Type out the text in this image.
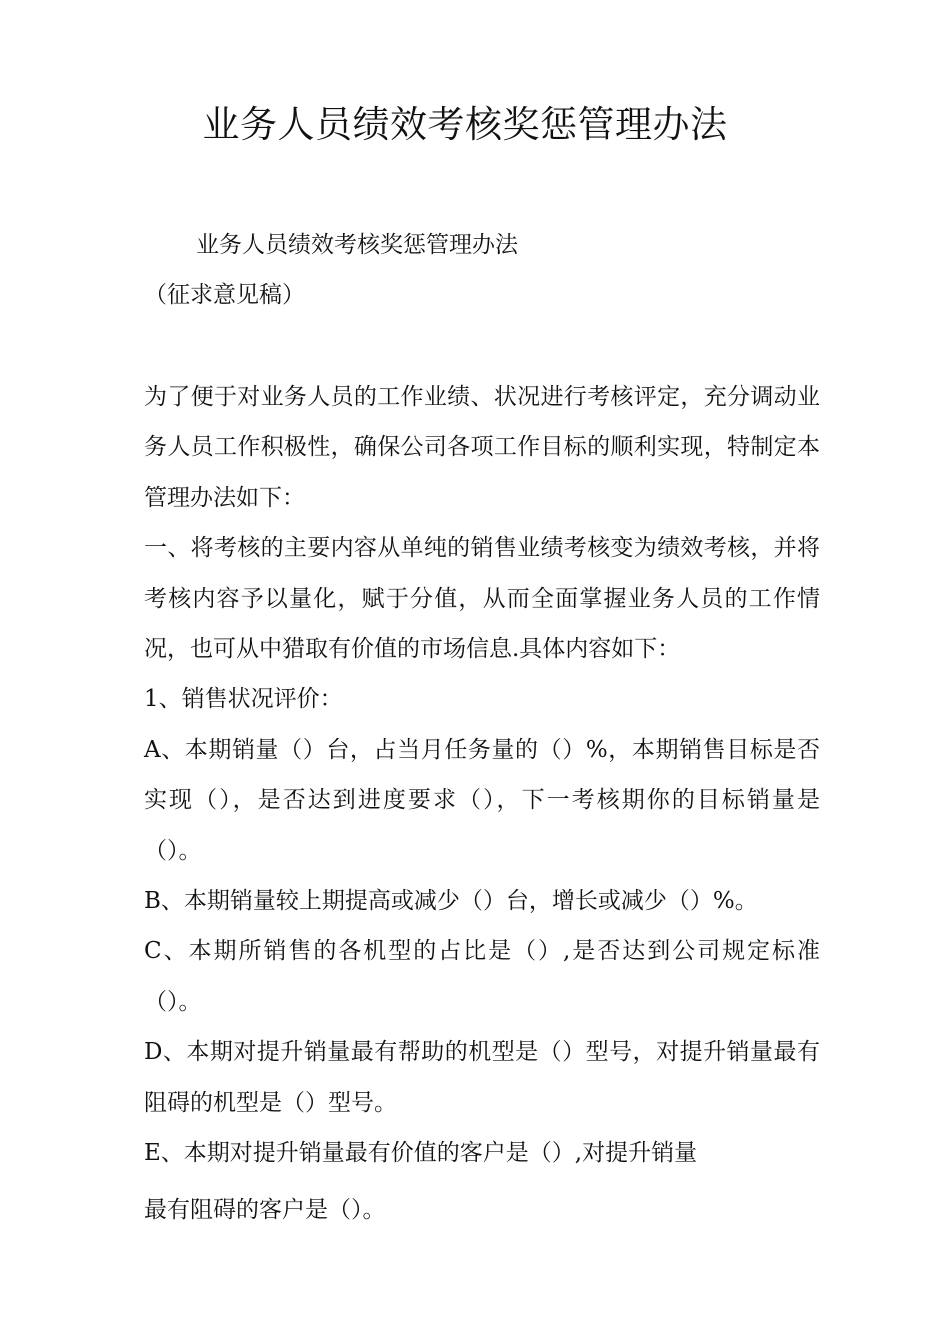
业务人员绩效考核奖惩管理办法
业务人员绩效考核奖惩管理办法
（征求意见稿）

为了便于对业务人员的工作业绩、状况进行考核评定，充分调动业务人员工作积极性，确保公司各项工作目标的顺利实现，特制定本管理办法如下：

一、将考核的主要内容从单纯的销售业绩考核变为绩效考核，并将考核内容予以量化，赋于分值，从而全面掌握业务人员的工作情况，也可从中猎取有价值的市场信息.具体内容如下：

1、销售状况评价：

A、本期销量（）台，占当月任务量的（）%，本期销售目标是否实现（），是否达到进度要求（），下一考核期你的目标销量是（）。

B、本期销量较上期提高或减少（）台，增长或减少（）%。

C、本期所销售的各机型的占比是（）,是否达到公司规定标准（）。

D、本期对提升销量最有帮助的机型是（）型号，对提升销量最有阻碍的机型是（）型号。

E、本期对提升销量最有价值的客户是（）,对提升销量

最有阻碍的客户是（）。
